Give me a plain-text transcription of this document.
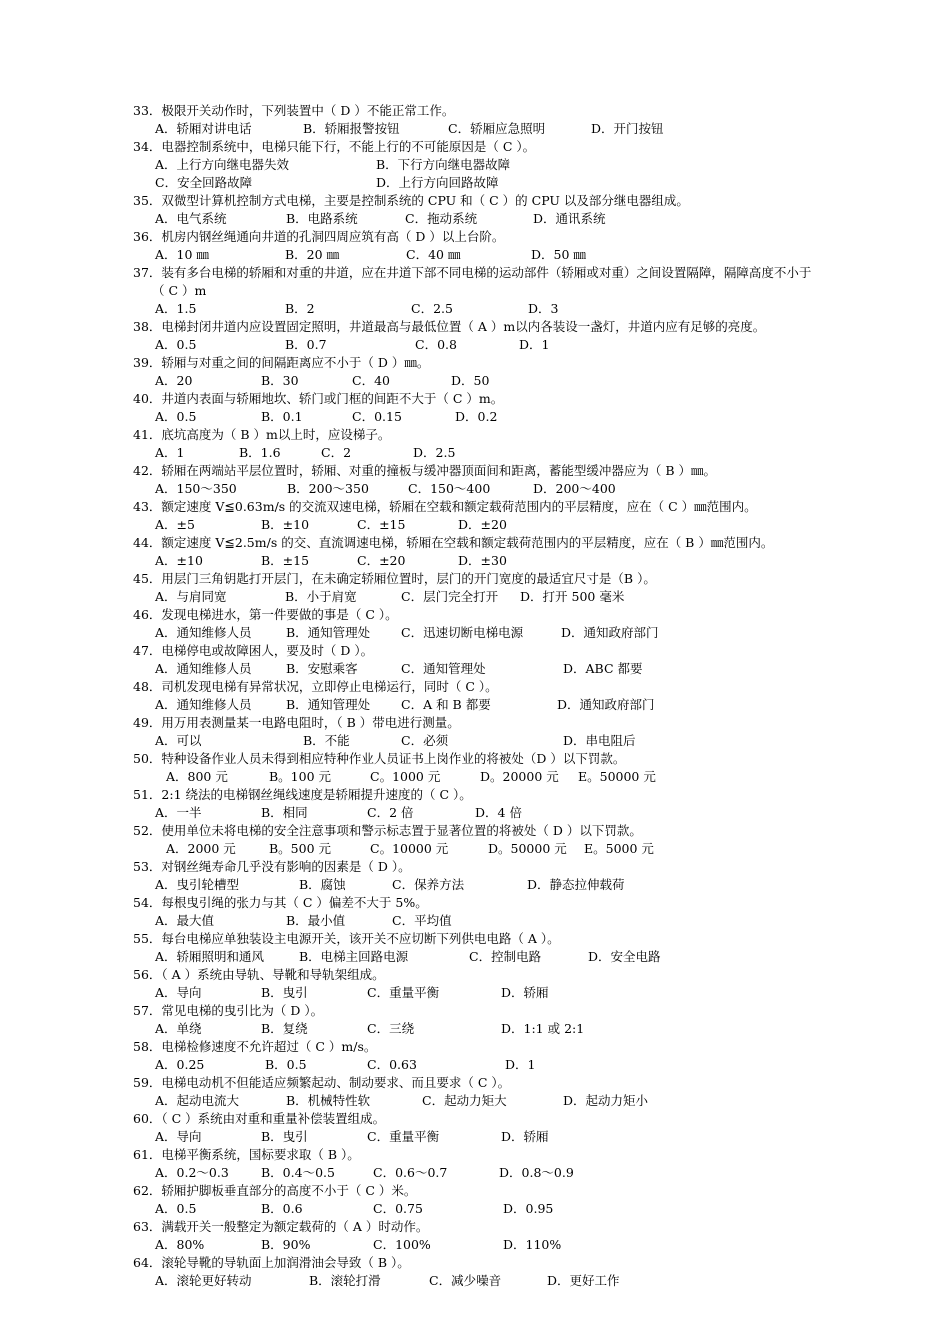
33．极限开关动作时，下列装置中（ D ）不能正常工作。
A．轿厢对讲电话	B．轿厢报警按钮	C．轿厢应急照明	D．开门按钮
34．电器控制系统中，电梯只能下行，不能上行的不可能原因是（ C ）。
A．上行方向继电器失效	B．下行方向继电器故障
C．安全回路故障	D．上行方向回路故障
35．双微型计算机控制方式电梯，主要是控制系统的 CPU 和（ C ）的 CPU 以及部分继电器组成。
A．电气系统	B．电路系统	C．拖动系统	D．通讯系统
36．机房内钢丝绳通向井道的孔洞四周应筑有高（ D ）以上台阶。
A．10 ㎜	B．20 ㎜	C．40 ㎜	D．50 ㎜
37．装有多台电梯的轿厢和对重的井道，应在井道下部不同电梯的运动部件（轿厢或对重）之间设置隔障，隔障高度不小于
（ C ）m
A．1.5	B．2	C．2.5	D．3
38．电梯封闭井道内应设置固定照明，井道最高与最低位置（ A ）m以内各装设一盏灯，井道内应有足够的亮度。
A．0.5	B．0.7	C．0.8	D．1
39．轿厢与对重之间的间隔距离应不小于（ D ）㎜。
A．20	B．30	C．40	D．50
40．井道内表面与轿厢地坎、轿门或门框的间距不大于（ C ）m。
A．0.5	B．0.1	C．0.15	D．0.2
41．底坑高度为（ B ）m以上时，应设梯子。
A．1	B．1.6	C．2	D．2.5
42．轿厢在两端站平层位置时，轿厢、对重的撞板与缓冲器顶面间和距离，蓄能型缓冲器应为（ B ）㎜。
A．150～350	B．200～350	C．150～400	D．200～400
43．额定速度 V≦0.63m/s 的交流双速电梯，轿厢在空载和额定载荷范围内的平层精度，应在（ C ）㎜范围内。
A．±5	B．±10	C．±15	D．±20
44．额定速度 V≦2.5m/s 的交、直流调速电梯，轿厢在空载和额定载荷范围内的平层精度，应在（ B ）㎜范围内。
A．±10	B．±15	C．±20	D．±30
45．用层门三角钥匙打开层门，在未确定轿厢位置时，层门的开门宽度的最适宜尺寸是（B ）。
A．与肩同宽	B．小于肩宽	C．层门完全打开 D．打开 500 毫米
46．发现电梯进水，第一件要做的事是（ C ）。
A．通知维修人员	B．通知管理处 C．迅速切断电梯电源	D．通知政府部门
47．电梯停电或故障困人，要及时（ D ）。
A．通知维修人员	B．安慰乘客	C．通知管理处	D．ABC 都要
48．司机发现电梯有异常状况，立即停止电梯运行，同时（ C ）。
A．通知维修人员	B．通知管理处 C．A 和 B 都要	D．通知政府部门
49．用万用表测量某一电路电阻时，（ B ）带电进行测量。
A．可以	B．不能	C．必须	D．串电阻后
50．特种设备作业人员未得到相应特种作业人员证书上岗作业的将被处（D ）以下罚款。
A．800 元	B。100 元	C。1000 元	D。20000 元 E。50000 元
51．2:1 绕法的电梯钢丝绳线速度是轿厢提升速度的（ C ）。
A．一半	B．相同	C．2 倍	D．4 倍
52．使用单位未将电梯的安全注意事项和警示标志置于显著位置的将被处（ D ）以下罚款。
A．2000 元	B。500 元	C。10000 元	D。50000 元 E。5000 元
53．对钢丝绳寿命几乎没有影响的因素是（ D ）。
A．曳引轮槽型	B．腐蚀	C．保养方法	D．静态拉伸载荷
54．每根曳引绳的张力与其（ C ）偏差不大于 5%。
A．最大值	B．最小值	C．平均值
55．每台电梯应单独装设主电源开关，该开关不应切断下列供电电路（ A ）。
A．轿厢照明和通风	B．电梯主回路电源	C．控制电路	D．安全电路
56．（ A ）系统由导轨、导靴和导轨架组成。
A．导向	B．曳引	C．重量平衡	D．轿厢
57．常见电梯的曳引比为（ D ）。
A．单绕	B．复绕	C．三绕	D．1:1 或 2:1
58．电梯检修速度不允许超过（ C ）m/s。
A．0.25	B．0.5	C．0.63	D．1
59．电梯电动机不但能适应频繁起动、制动要求、而且要求（ C ）。
A．起动电流大	B．机械特性软	C．起动力矩大	D．起动力矩小
60．（ C ）系统由对重和重量补偿装置组成。
A．导向	B．曳引	C．重量平衡	D．轿厢
61．电梯平衡系统，国标要求取（ B ）。
A．0.2～0.3	B．0.4～0.5	C．0.6～0.7	D．0.8～0.9
62．轿厢护脚板垂直部分的高度不小于（ C ）米。
A．0.5	B．0.6	C．0.75	D．0.95
63．满载开关一般整定为额定载荷的（ A ）时动作。
A．80%	B．90%	C．100%	D．110%
64．滚轮导靴的导轨面上加润滑油会导致（ B ）。
A．滚轮更好转动	B．滚轮打滑	C．减少噪音	D．更好工作
